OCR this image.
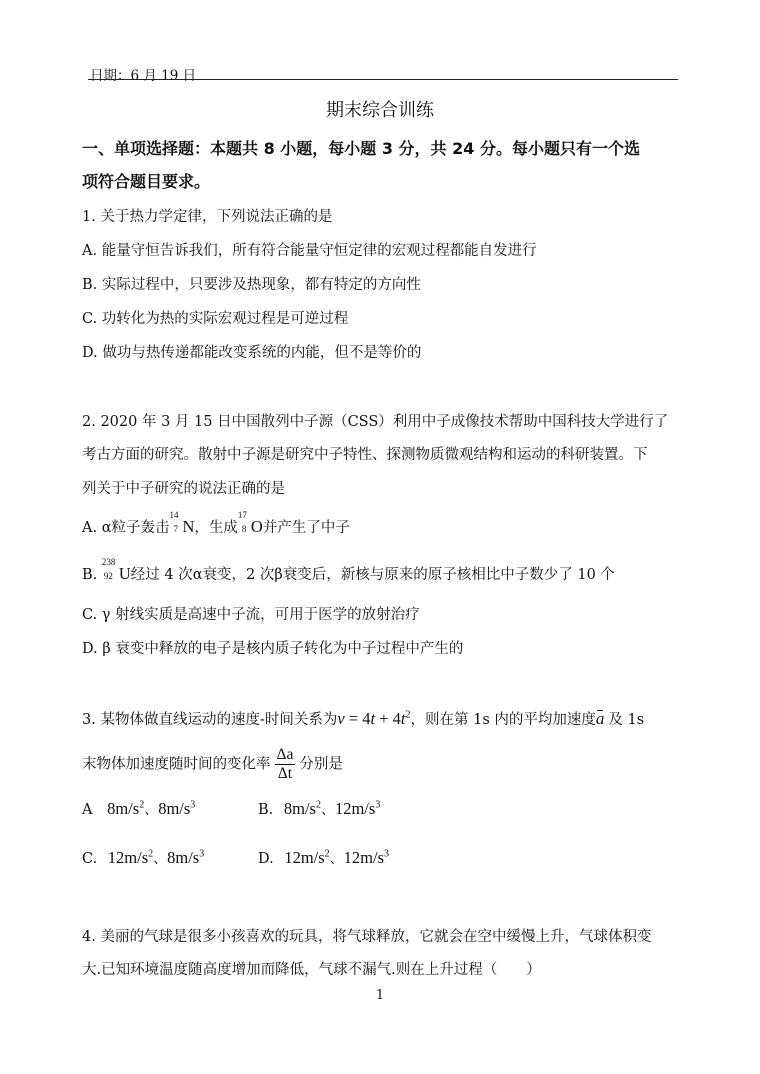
日期：6 月 19 日
期末综合训练
一、单项选择题：本题共 8 小题，每小题 3 分，共 24 分。每小题只有一个选
项符合题目要求。
1. 关于热力学定律，下列说法正确的是
A. 能量守恒告诉我们，所有符合能量守恒定律的宏观过程都能自发进行
B. 实际过程中，只要涉及热现象，都有特定的方向性
C. 功转化为热的实际宏观过程是可逆过程
D. 做功与热传递都能改变系统的内能，但不是等价的
2. 2020 年 3 月 15 日中国散列中子源（CSS）利用中子成像技术帮助中国科技大学进行了
考古方面的研究。散射中子源是研究中子特性、探测物质微观结构和运动的科研装置。下
列关于中子研究的说法正确的是
A. α粒子轰击
14
7 N，生成
17
8 O并产生了中子
B.
238
92 U经过 4 次α衰变，2 次β衰变后，新核与原来的原子核相比中子数少了 10 个
C. γ 射线实质是高速中子流，可用于医学的放射治疗
D. β 衰变中释放的电子是核内质子转化为中子过程中产生的
3. 某物体做直线运动的速度-时间关系为$v = 4t + 4t^2$，则在第 1s 内的平均加速度a 及 1s
末物体加速度随时间的变化率 $\frac{\Delta a}{\Delta t}$ 分别是
A $8m/s^2$、$8m/s^3$	B. $8m/s^2$、$12m/s^3$
C. $12m/s^2$、$8m/s^3$	D. $12m/s^2$、$12m/s^3$
4. 美丽的气球是很多小孩喜欢的玩具，将气球释放，它就会在空中缓慢上升，气球体积变
大.已知环境温度随高度增加而降低，气球不漏气.则在上升过程（　　）
1
